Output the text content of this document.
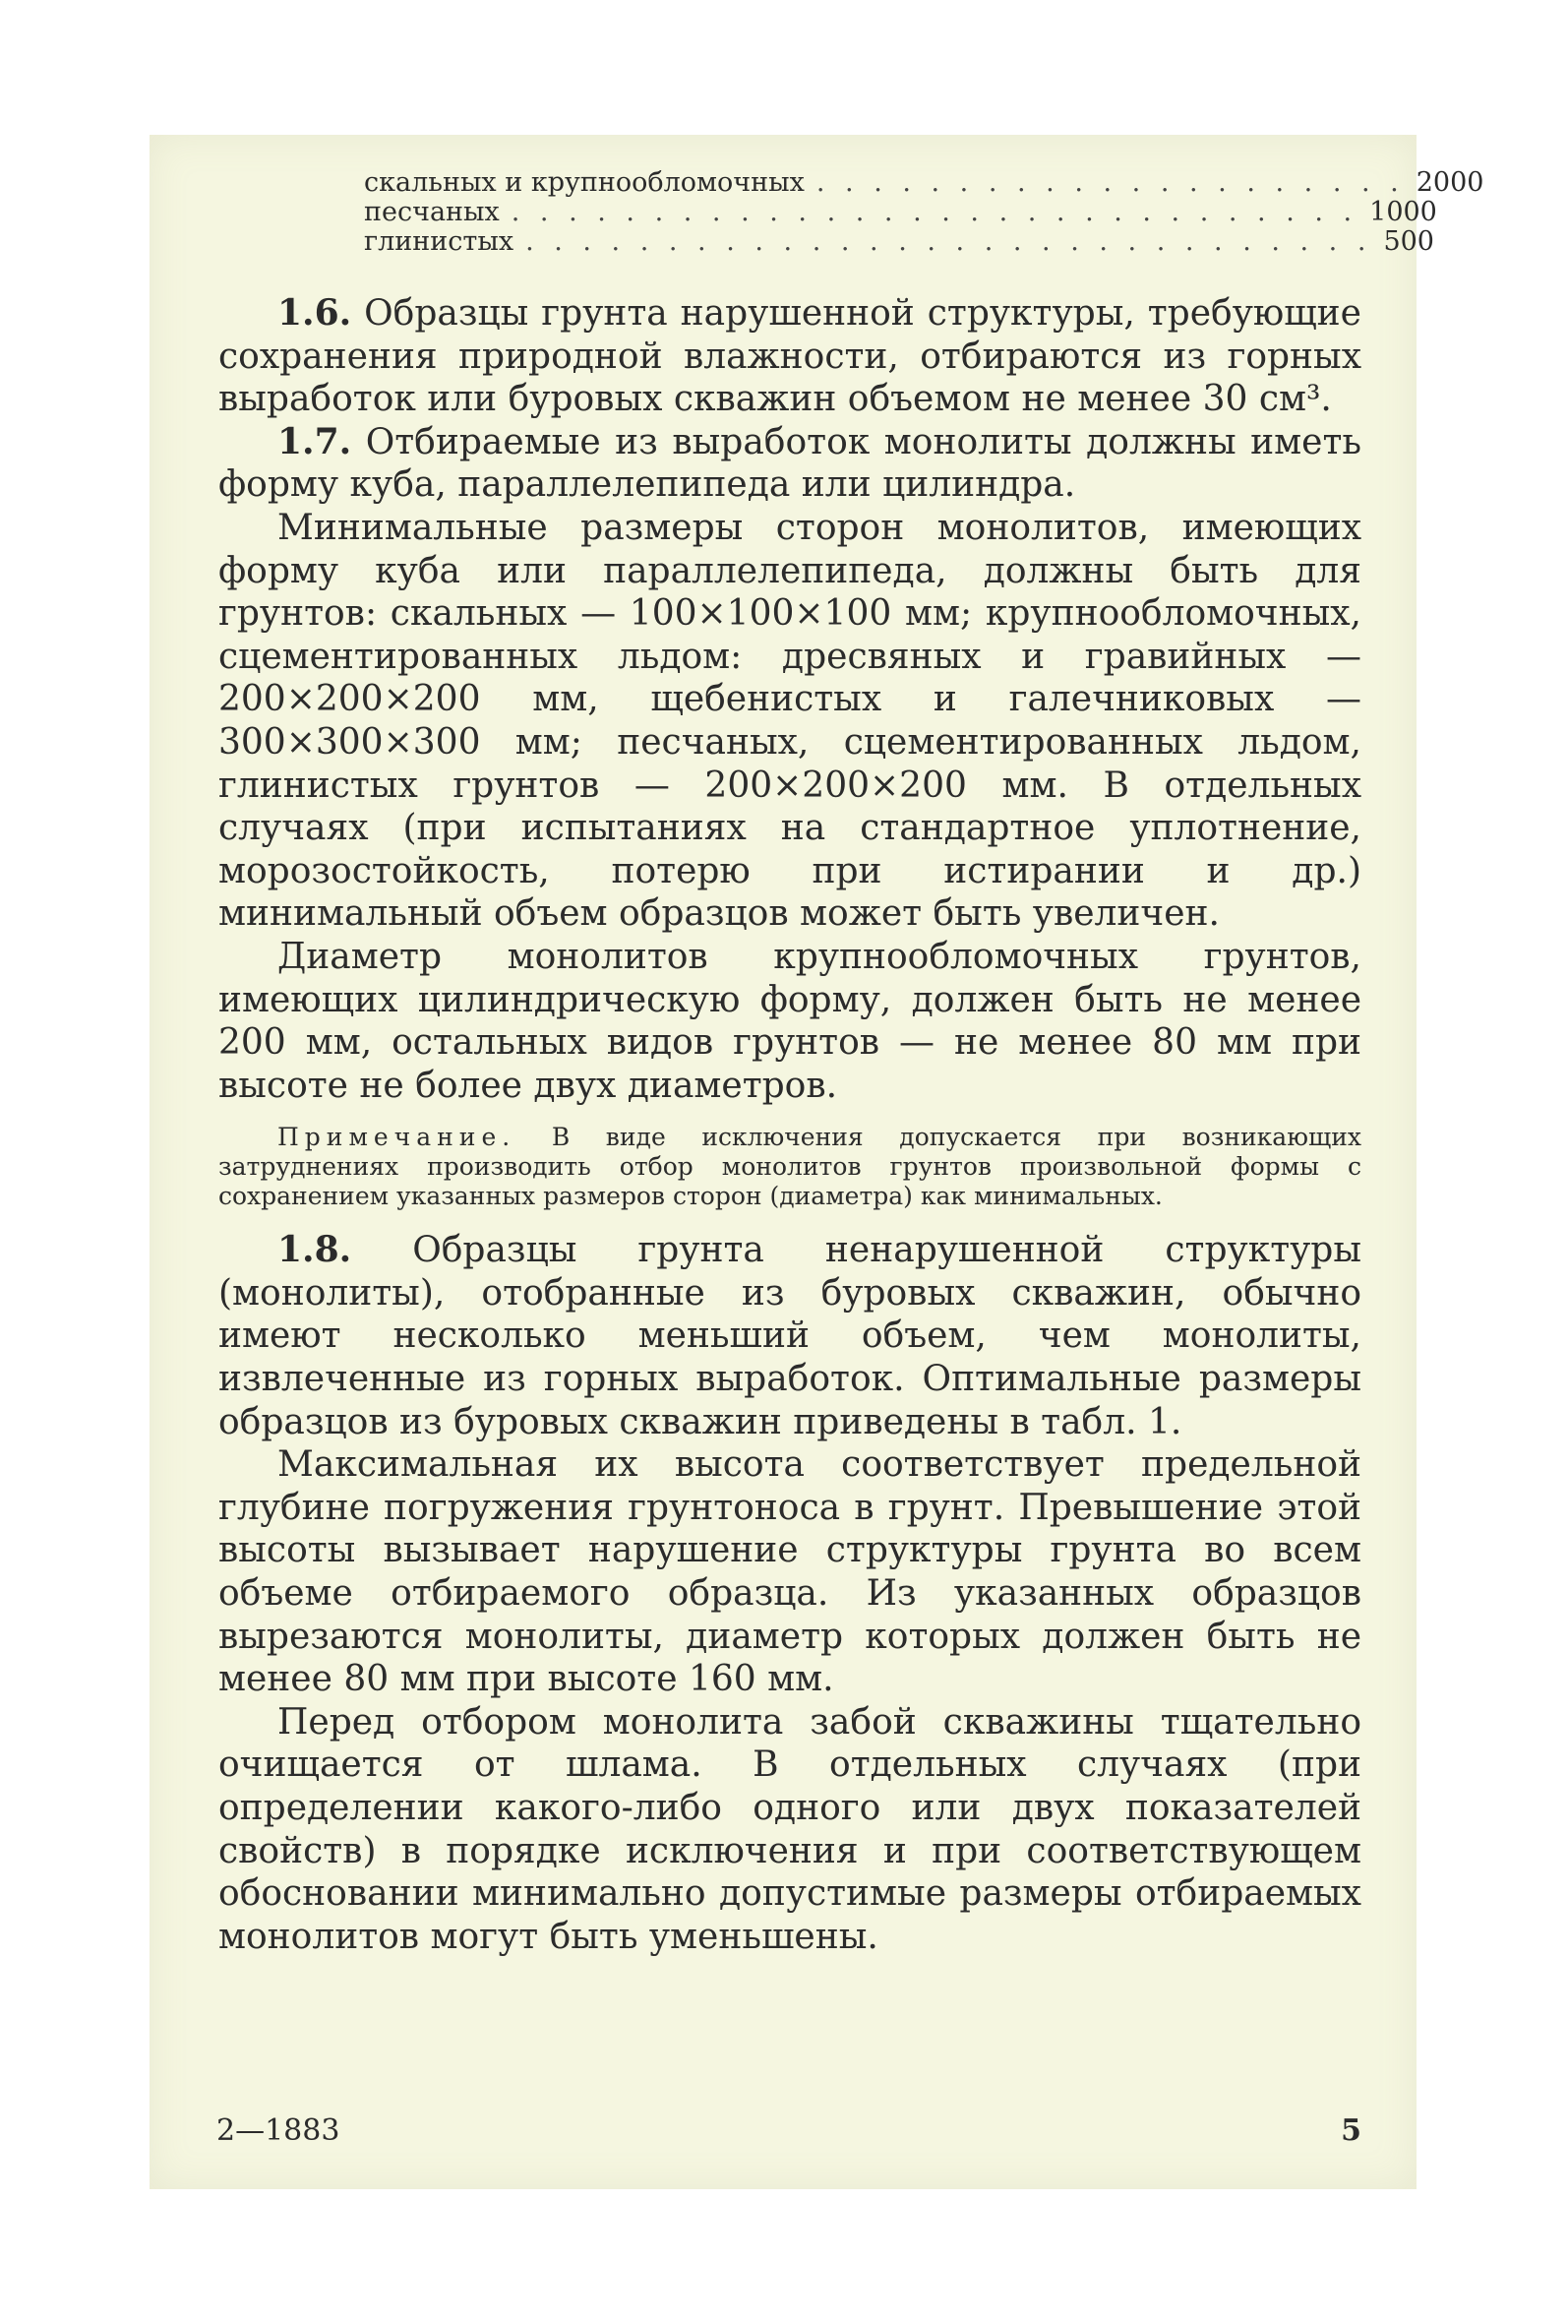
скальных и крупнообломочных . . . . . . . . . . . . . . . . . . . . . 2000
песчаных . . . . . . . . . . . . . . . . . . . . . . . . . . . . . . 1000
глинистых . . . . . . . . . . . . . . . . . . . . . . . . . . . . . . 500

1.6. Образцы грунта нарушенной структуры, требующие сохранения природной влажности, отбираются из горных выработок или буровых скважин объемом не менее 30 см³.

1.7. Отбираемые из выработок монолиты должны иметь форму куба, параллелепипеда или цилиндра.

Минимальные размеры сторон монолитов, имеющих форму куба или параллелепипеда, должны быть для грунтов: скальных — 100×100×100 мм; крупнообломочных, сцементированных льдом: дресвяных и гравийных — 200×200×200 мм, щебенистых и галечниковых — 300×300×300 мм; песчаных, сцементированных льдом, глинистых грунтов — 200×200×200 мм. В отдельных случаях (при испытаниях на стандартное уплотнение, морозостойкость, потерю при истирании и др.) минимальный объем образцов может быть увеличен.

Диаметр монолитов крупнообломочных грунтов, имеющих цилиндрическую форму, должен быть не менее 200 мм, остальных видов грунтов — не менее 80 мм при высоте не более двух диаметров.

Примечание. В виде исключения допускается при возникающих затруднениях производить отбор монолитов грунтов произвольной формы с сохранением указанных размеров сторон (диаметра) как минимальных.

1.8. Образцы грунта ненарушенной структуры (монолиты), отобранные из буровых скважин, обычно имеют несколько меньший объем, чем монолиты, извлеченные из горных выработок. Оптимальные размеры образцов из буровых скважин приведены в табл. 1.

Максимальная их высота соответствует предельной глубине погружения грунтоноса в грунт. Превышение этой высоты вызывает нарушение структуры грунта во всем объеме отбираемого образца. Из указанных образцов вырезаются монолиты, диаметр которых должен быть не менее 80 мм при высоте 160 мм.

Перед отбором монолита забой скважины тщательно очищается от шлама. В отдельных случаях (при определении какого-либо одного или двух показателей свойств) в порядке исключения и при соответствующем обосновании минимально допустимые размеры отбираемых монолитов могут быть уменьшены.

2—1883	5
